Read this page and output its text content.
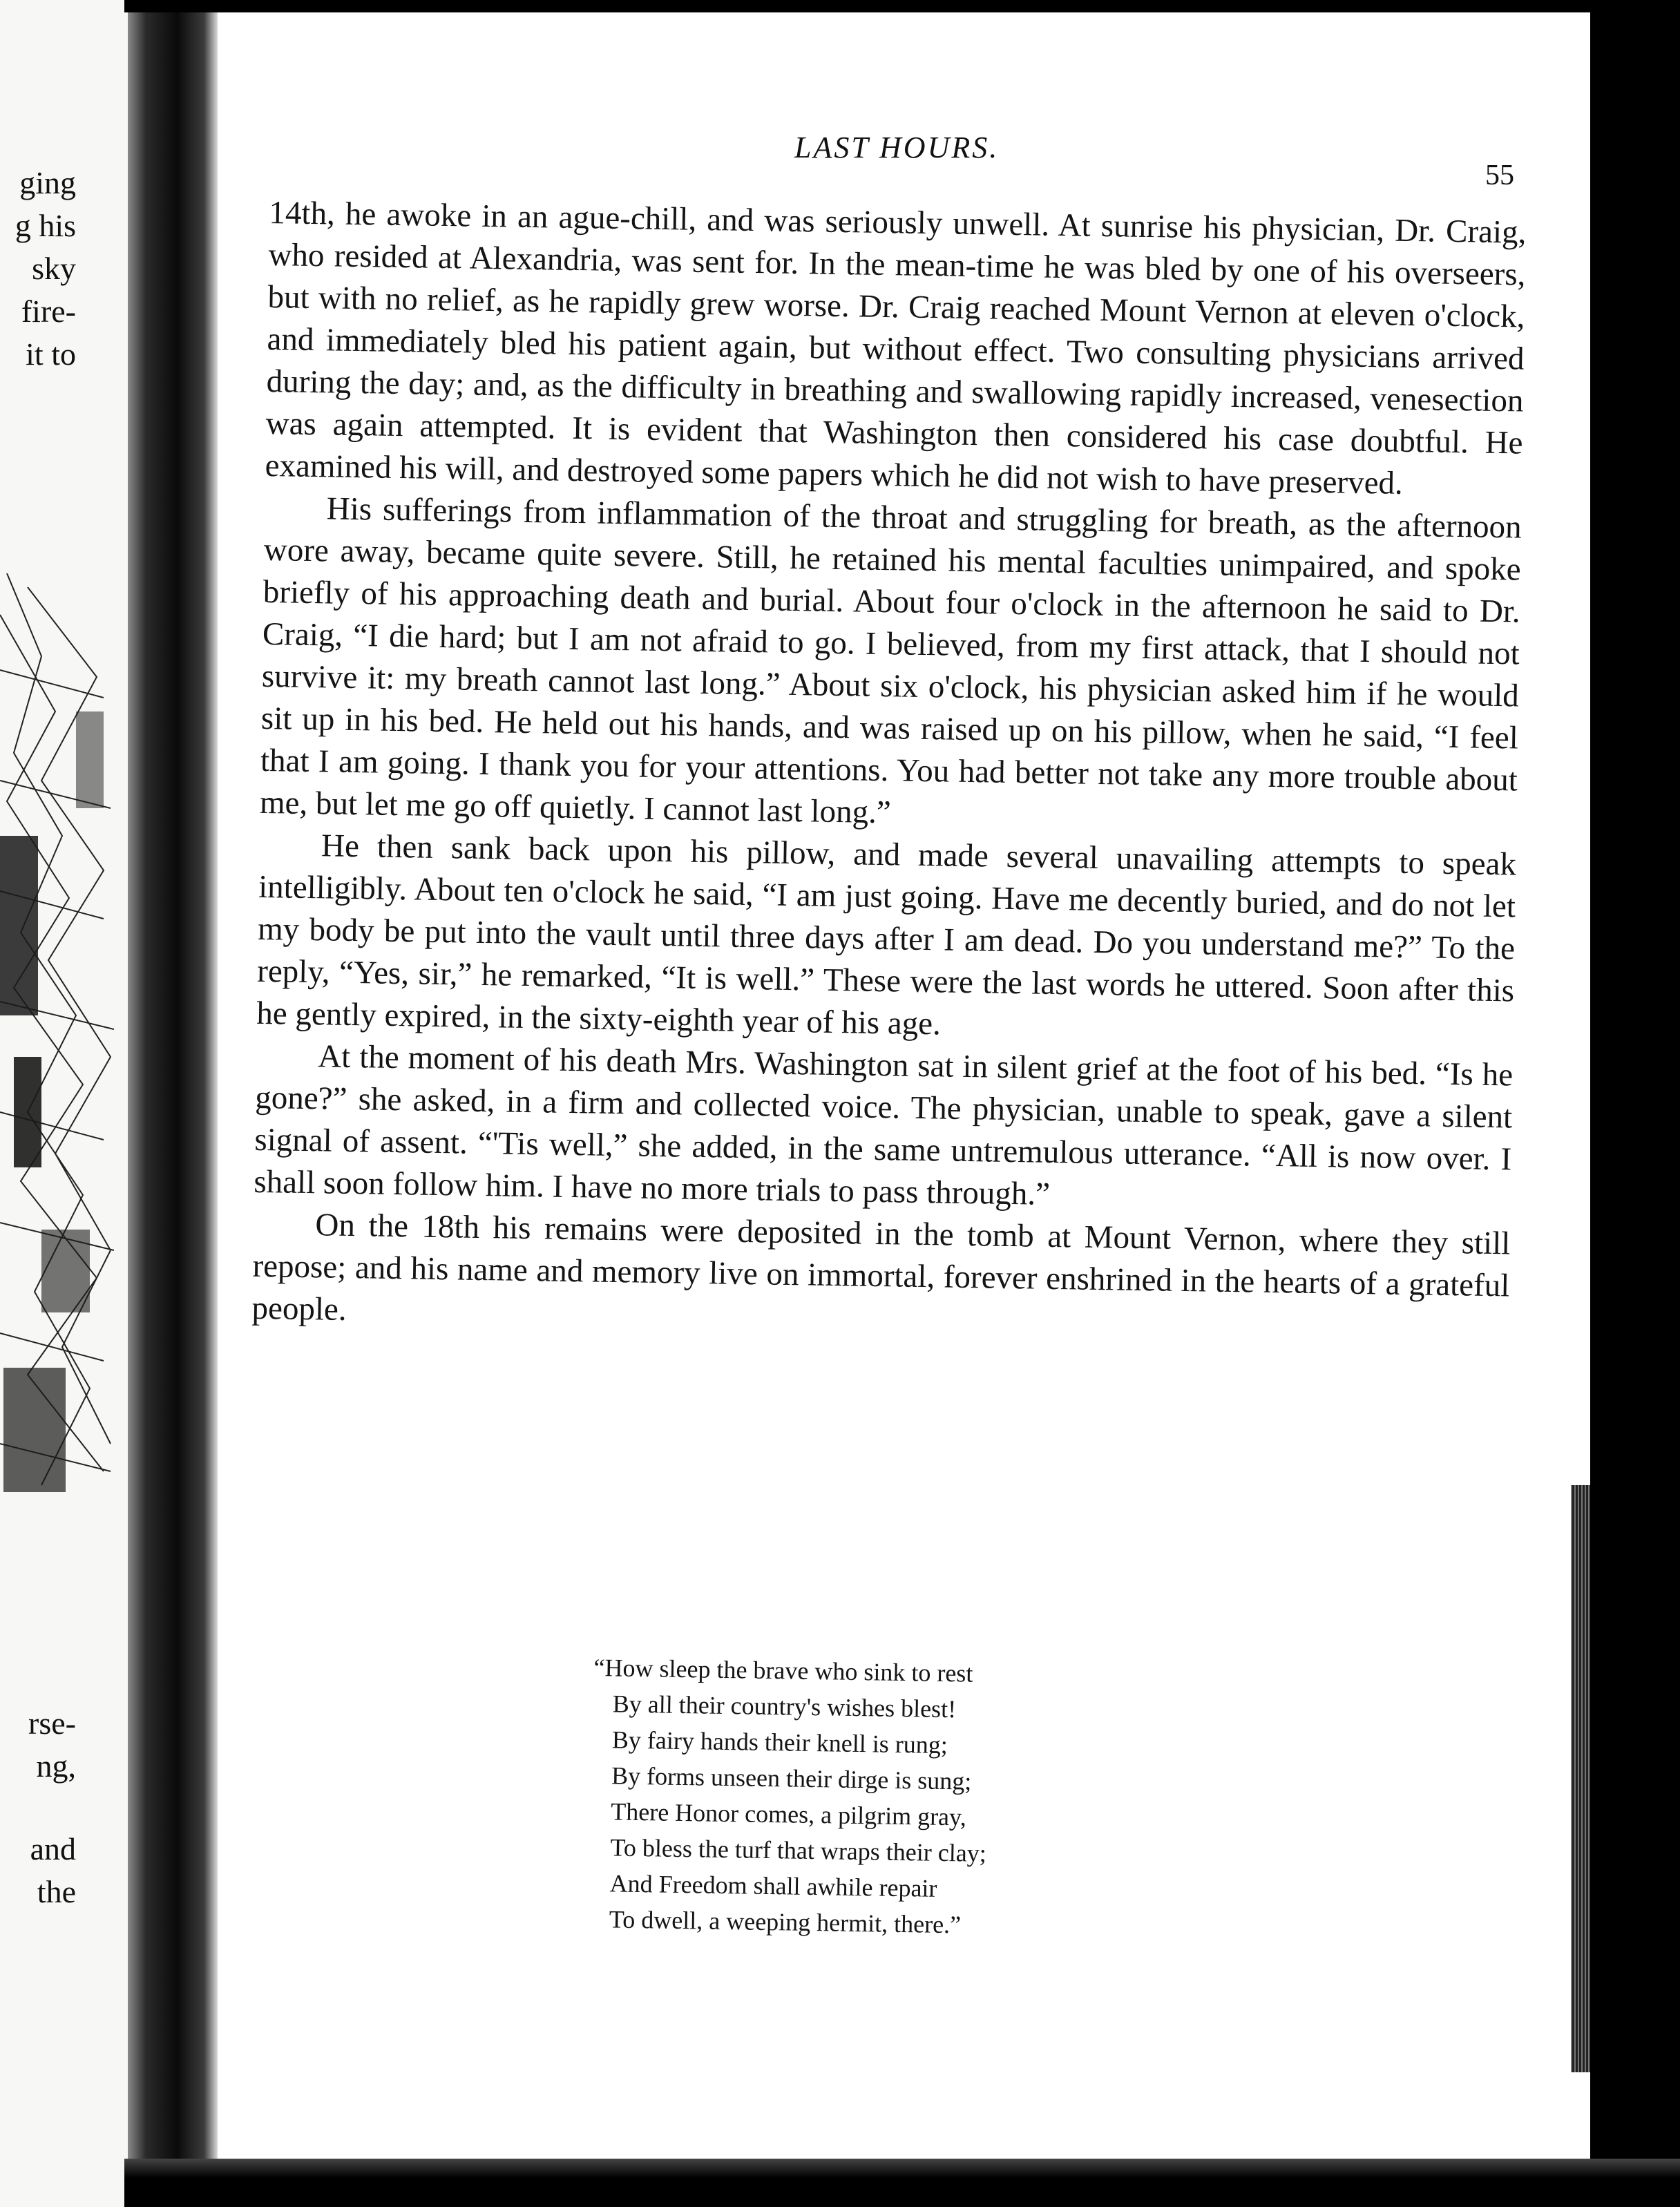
ging
g his
sky
fire-
it to
rse-
ng,
and
the
LAST HOURS.
55

14th, he awoke in an ague-chill, and was seriously unwell. At sunrise his physician, Dr. Craig, who resided at Alexandria, was sent for. In the mean-time he was bled by one of his overseers, but with no relief, as he rapidly grew worse. Dr. Craig reached Mount Vernon at eleven o'clock, and immediately bled his patient again, but without effect. Two consulting physicians arrived during the day; and, as the difficulty in breathing and swallowing rapidly increased, venesection was again attempted. It is evident that Washington then considered his case doubtful. He examined his will, and destroyed some papers which he did not wish to have preserved.

His sufferings from inflammation of the throat and struggling for breath, as the afternoon wore away, became quite severe. Still, he retained his mental faculties unimpaired, and spoke briefly of his approaching death and burial. About four o'clock in the afternoon he said to Dr. Craig, “I die hard; but I am not afraid to go. I believed, from my first attack, that I should not survive it: my breath cannot last long.” About six o'clock, his physician asked him if he would sit up in his bed. He held out his hands, and was raised up on his pillow, when he said, “I feel that I am going. I thank you for your attentions. You had better not take any more trouble about me, but let me go off quietly. I cannot last long.”

He then sank back upon his pillow, and made several unavailing attempts to speak intelligibly. About ten o'clock he said, “I am just going. Have me decently buried, and do not let my body be put into the vault until three days after I am dead. Do you understand me?” To the reply, “Yes, sir,” he remarked, “It is well.” These were the last words he uttered. Soon after this he gently expired, in the sixty-eighth year of his age.

At the moment of his death Mrs. Washington sat in silent grief at the foot of his bed. “Is he gone?” she asked, in a firm and collected voice. The physician, unable to speak, gave a silent signal of assent. “'Tis well,” she added, in the same untremulous utterance. “All is now over. I shall soon follow him. I have no more trials to pass through.”

On the 18th his remains were deposited in the tomb at Mount Vernon, where they still repose; and his name and memory live on immortal, forever enshrined in the hearts of a grateful people.

“How sleep the brave who sink to rest
By all their country's wishes blest!
By fairy hands their knell is rung;
By forms unseen their dirge is sung;
There Honor comes, a pilgrim gray,
To bless the turf that wraps their clay;
And Freedom shall awhile repair
To dwell, a weeping hermit, there.”
